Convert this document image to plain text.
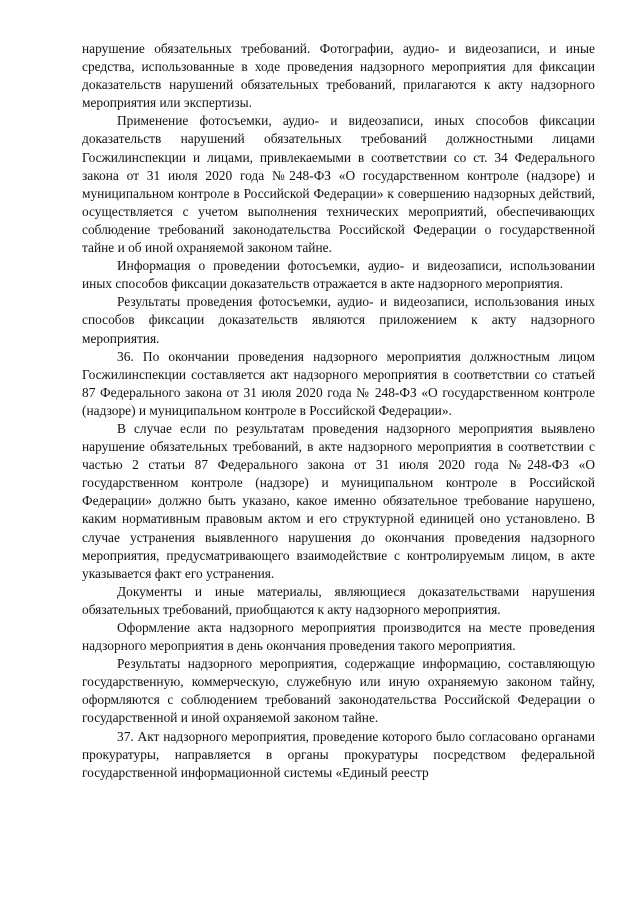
нарушение обязательных требований. Фотографии, аудио- и видеозаписи, и иные средства, использованные в ходе проведения надзорного мероприятия для фиксации доказательств нарушений обязательных требований, прилагаются к акту надзорного мероприятия или экспертизы.

Применение фотосъемки, аудио- и видеозаписи, иных способов фиксации доказательств нарушений обязательных требований должностными лицами Госжилинспекции и лицами, привлекаемыми в соответствии со ст. 34 Федерального закона от 31 июля 2020 года №248-ФЗ «О государственном контроле (надзоре) и муниципальном контроле в Российской Федерации» к совершению надзорных действий, осуществляется с учетом выполнения технических мероприятий, обеспечивающих соблюдение требований законодательства Российской Федерации о государственной тайне и об иной охраняемой законом тайне.

Информация о проведении фотосъемки, аудио- и видеозаписи, использовании иных способов фиксации доказательств отражается в акте надзорного мероприятия.

Результаты проведения фотосъемки, аудио- и видеозаписи, использования иных способов фиксации доказательств являются приложением к акту надзорного мероприятия.

36. По окончании проведения надзорного мероприятия должностным лицом Госжилинспекции составляется акт надзорного мероприятия в соответствии со статьей 87 Федерального закона от 31 июля 2020 года № 248-ФЗ «О государственном контроле (надзоре) и муниципальном контроле в Российской Федерации».

В случае если по результатам проведения надзорного мероприятия выявлено нарушение обязательных требований, в акте надзорного мероприятия в соответствии с частью 2 статьи 87 Федерального закона от 31 июля 2020 года №248-ФЗ «О государственном контроле (надзоре) и муниципальном контроле в Российской Федерации» должно быть указано, какое именно обязательное требование нарушено, каким нормативным правовым актом и его структурной единицей оно установлено. В случае устранения выявленного нарушения до окончания проведения надзорного мероприятия, предусматривающего взаимодействие с контролируемым лицом, в акте указывается факт его устранения.

Документы и иные материалы, являющиеся доказательствами нарушения обязательных требований, приобщаются к акту надзорного мероприятия.

Оформление акта надзорного мероприятия производится на месте проведения надзорного мероприятия в день окончания проведения такого мероприятия.

Результаты надзорного мероприятия, содержащие информацию, составляющую государственную, коммерческую, служебную или иную охраняемую законом тайну, оформляются с соблюдением требований законодательства Российской Федерации о государственной и иной охраняемой законом тайне.

37. Акт надзорного мероприятия, проведение которого было согласовано органами прокуратуры, направляется в органы прокуратуры посредством федеральной государственной информационной системы «Единый реестр
